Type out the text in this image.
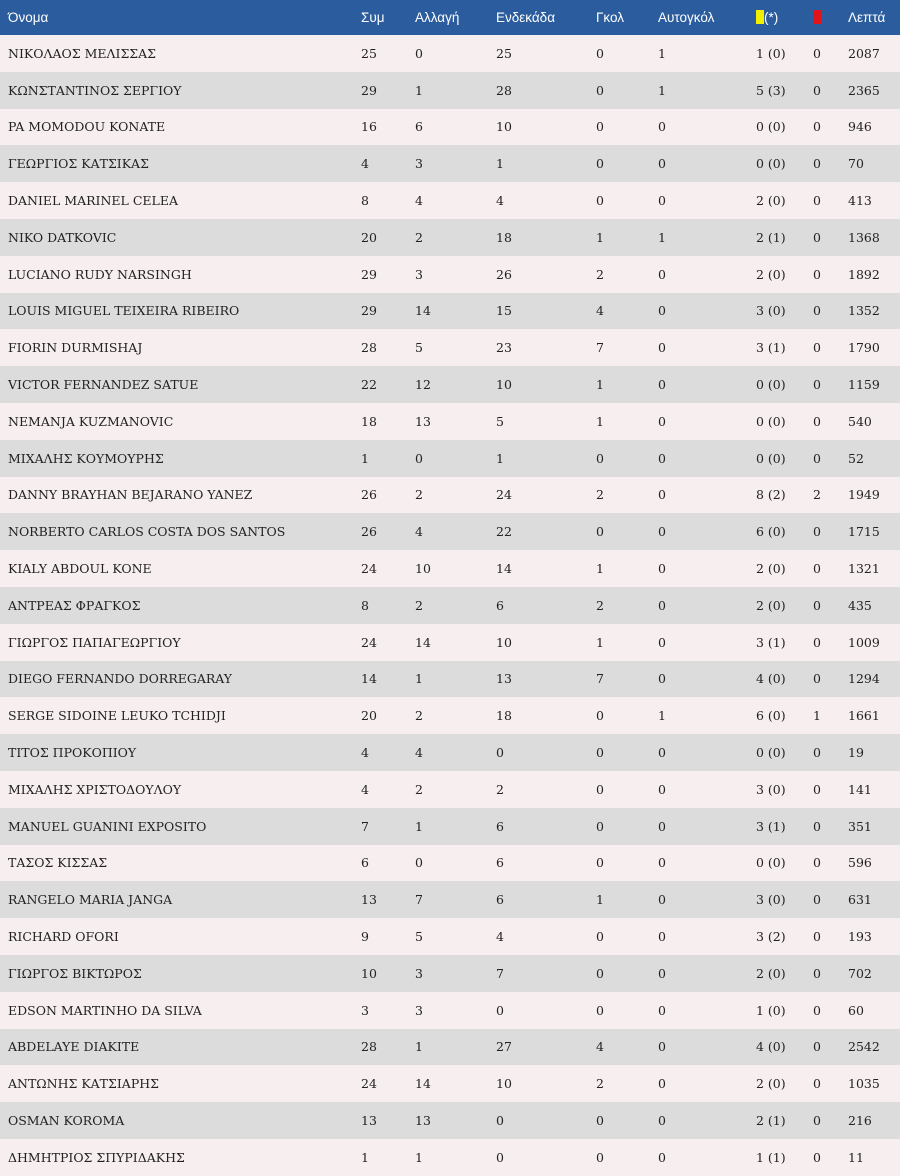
Όνομα	Συμ	Αλλαγή	Ενδεκάδα	Γκολ	Αυτογκόλ	(*)		Λεπτά
ΝΙΚΟΛΑΟΣ ΜΕΛΙΣΣΑΣ	25	0	25	0	1	1 (0)	0	2087
ΚΩΝΣΤΑΝΤΙΝΟΣ ΣΕΡΓΙΟΥ	29	1	28	0	1	5 (3)	0	2365
PA MOMODOU KONATE	16	6	10	0	0	0 (0)	0	946
ΓΕΩΡΓΙΟΣ ΚΑΤΣΙΚΑΣ	4	3	1	0	0	0 (0)	0	70
DANIEL MARINEL CELEA	8	4	4	0	0	2 (0)	0	413
NIKO DATKOVIC	20	2	18	1	1	2 (1)	0	1368
LUCIANO RUDY NARSINGH	29	3	26	2	0	2 (0)	0	1892
LOUIS MIGUEL TEIXEIRA RIBEIRO	29	14	15	4	0	3 (0)	0	1352
FIORIN DURMISHAJ	28	5	23	7	0	3 (1)	0	1790
VICTOR FERNANDEZ SATUE	22	12	10	1	0	0 (0)	0	1159
NEMANJA KUZMANOVIC	18	13	5	1	0	0 (0)	0	540
ΜΙΧΑΛΗΣ ΚΟΥΜΟΥΡΗΣ	1	0	1	0	0	0 (0)	0	52
DANNY BRAYHAN BEJARANO YANEZ	26	2	24	2	0	8 (2)	2	1949
NORBERTO CARLOS COSTA DOS SANTOS	26	4	22	0	0	6 (0)	0	1715
KIALY ABDOUL KONE	24	10	14	1	0	2 (0)	0	1321
ΑΝΤΡΕΑΣ ΦΡΑΓΚΟΣ	8	2	6	2	0	2 (0)	0	435
ΓΙΩΡΓΟΣ ΠΑΠΑΓΕΩΡΓΙΟΥ	24	14	10	1	0	3 (1)	0	1009
DIEGO FERNANDO DORREGARAY	14	1	13	7	0	4 (0)	0	1294
SERGE SIDOINE LEUKO TCHIDJI	20	2	18	0	1	6 (0)	1	1661
ΤΙΤΟΣ ΠΡΟΚΟΠΙΟΥ	4	4	0	0	0	0 (0)	0	19
ΜΙΧΑΛΗΣ ΧΡΙΣΤΟΔΟΥΛΟΥ	4	2	2	0	0	3 (0)	0	141
MANUEL GUANINI EXPOSITO	7	1	6	0	0	3 (1)	0	351
ΤΑΣΟΣ ΚΙΣΣΑΣ	6	0	6	0	0	0 (0)	0	596
RANGELO MARIA JANGA	13	7	6	1	0	3 (0)	0	631
RICHARD OFORI	9	5	4	0	0	3 (2)	0	193
ΓΙΩΡΓΟΣ ΒΙΚΤΩΡΟΣ	10	3	7	0	0	2 (0)	0	702
EDSON MARTINHO DA SILVA	3	3	0	0	0	1 (0)	0	60
ABDELAYE DIAKITE	28	1	27	4	0	4 (0)	0	2542
ΑΝΤΩΝΗΣ ΚΑΤΣΙΑΡΗΣ	24	14	10	2	0	2 (0)	0	1035
OSMAN KOROMA	13	13	0	0	0	2 (1)	0	216
ΔΗΜΗΤΡΙΟΣ ΣΠΥΡΙΔΑΚΗΣ	1	1	0	0	0	1 (1)	0	11
